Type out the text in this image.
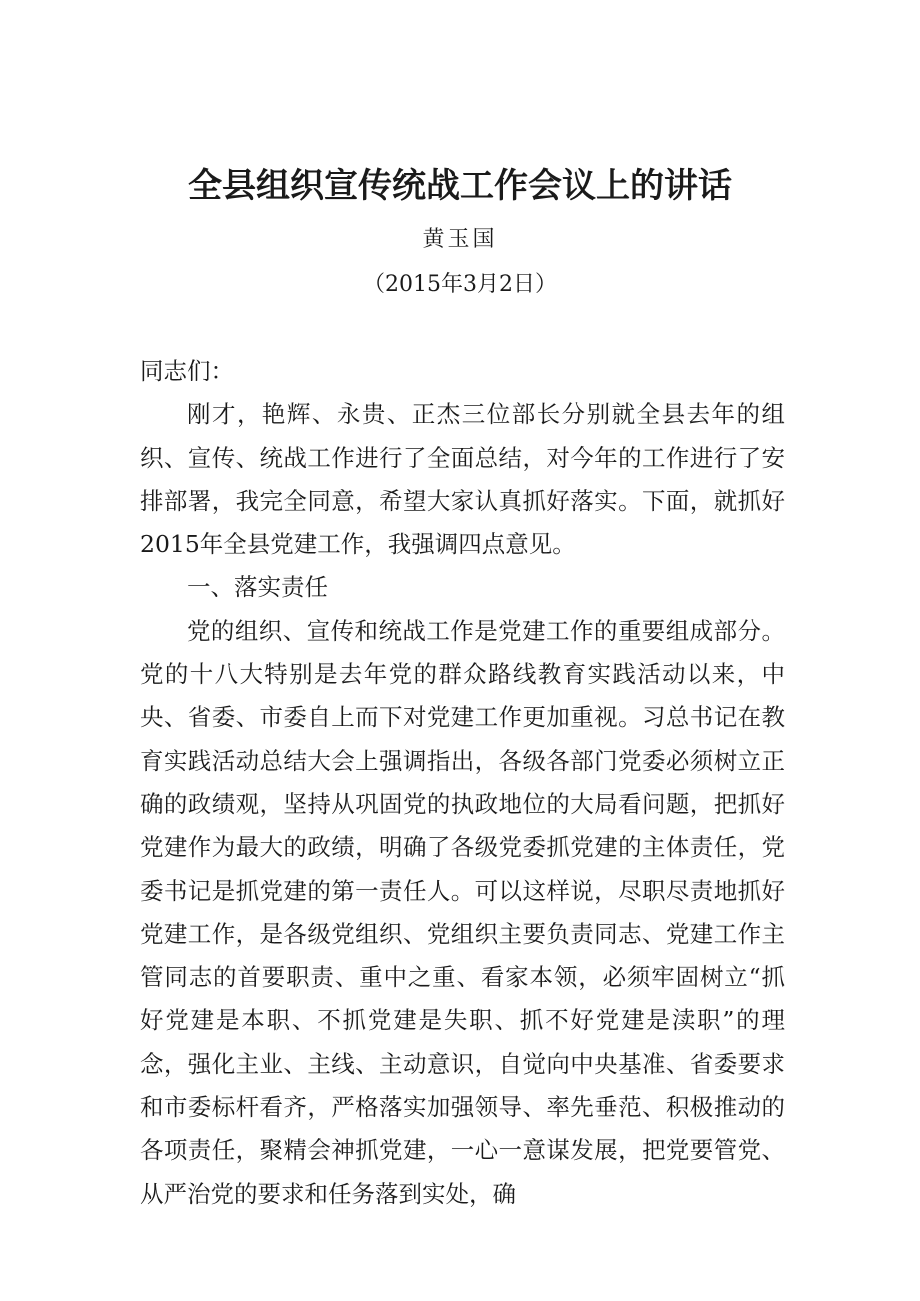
全县组织宣传统战工作会议上的讲话
黄玉国
（2015年3月2日）

同志们：

刚才，艳辉、永贵、正杰三位部长分别就全县去年的组织、宣传、统战工作进行了全面总结，对今年的工作进行了安排部署，我完全同意，希望大家认真抓好落实。下面，就抓好2015年全县党建工作，我强调四点意见。

一、落实责任

党的组织、宣传和统战工作是党建工作的重要组成部分。党的十八大特别是去年党的群众路线教育实践活动以来，中央、省委、市委自上而下对党建工作更加重视。习总书记在教育实践活动总结大会上强调指出，各级各部门党委必须树立正确的政绩观，坚持从巩固党的执政地位的大局看问题，把抓好党建作为最大的政绩，明确了各级党委抓党建的主体责任，党委书记是抓党建的第一责任人。可以这样说，尽职尽责地抓好党建工作，是各级党组织、党组织主要负责同志、党建工作主管同志的首要职责、重中之重、看家本领，必须牢固树立“抓好党建是本职、不抓党建是失职、抓不好党建是渎职”的理念，强化主业、主线、主动意识，自觉向中央基准、省委要求和市委标杆看齐，严格落实加强领导、率先垂范、积极推动的各项责任，聚精会神抓党建，一心一意谋发展，把党要管党、从严治党的要求和任务落到实处，确
